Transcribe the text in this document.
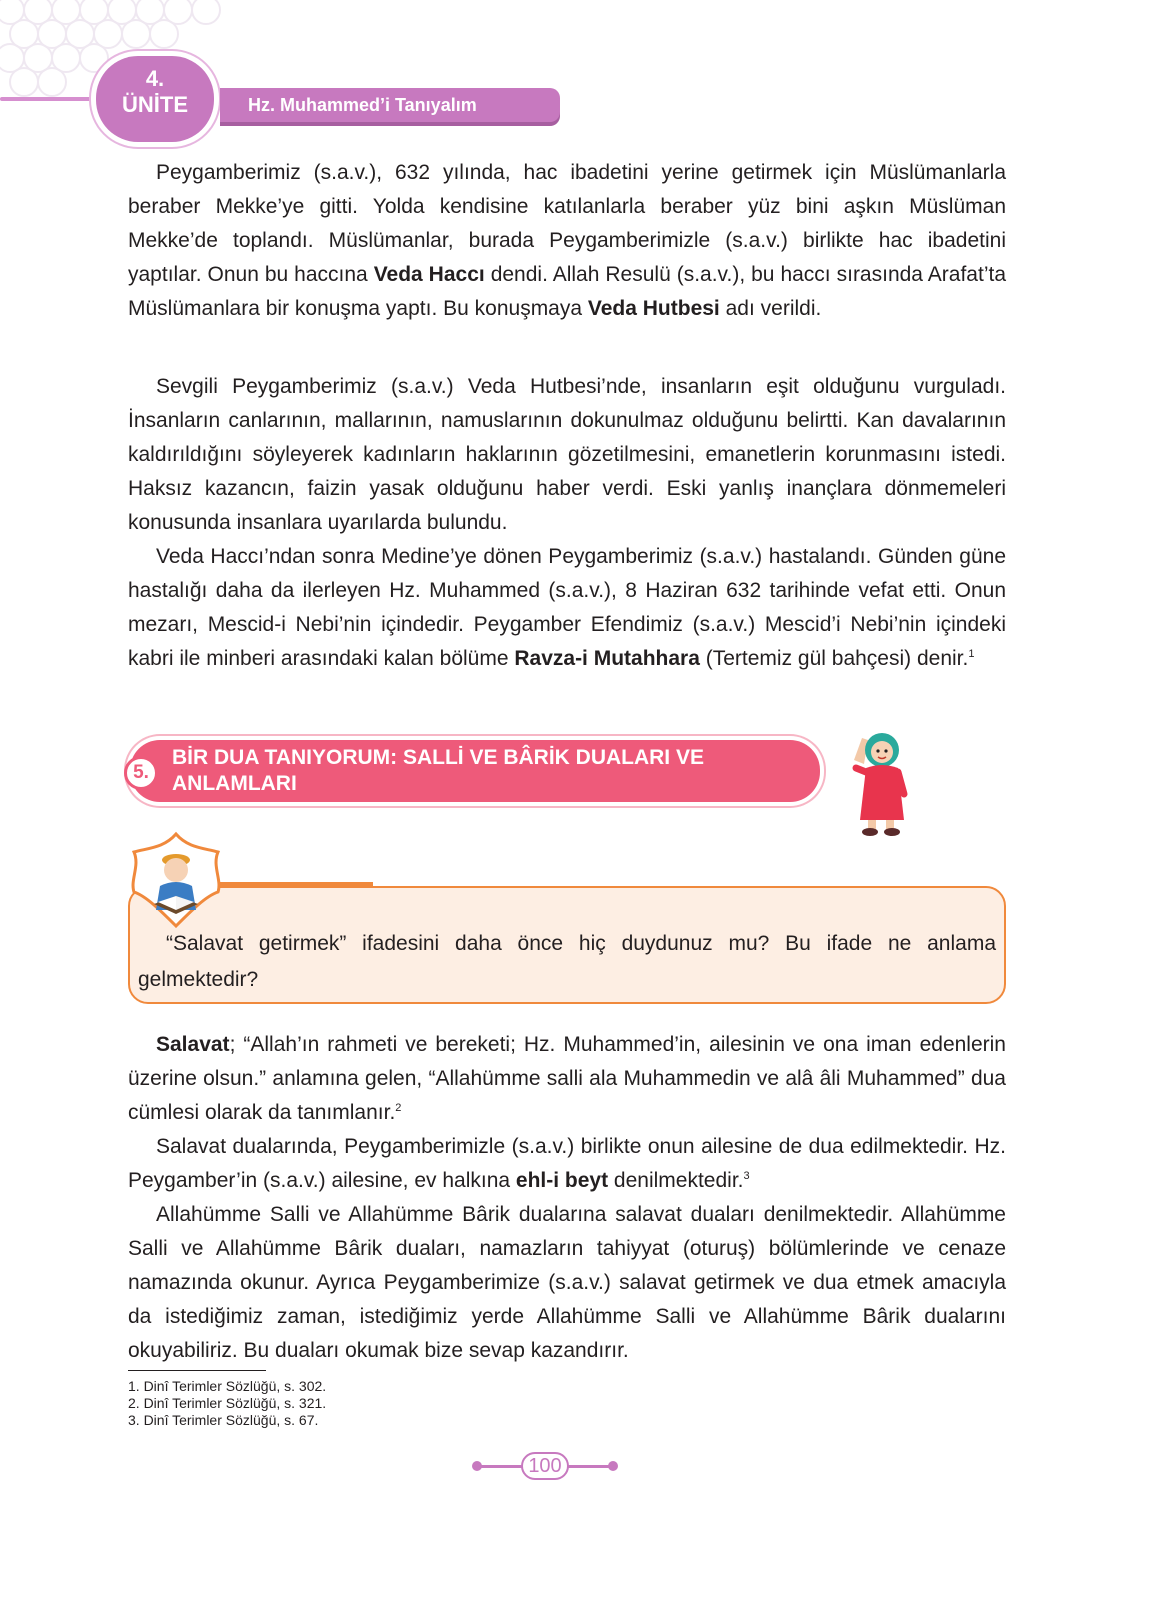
4.
ÜNİTE	Hz. Muhammed’i Tanıyalım

Peygamberimiz (s.a.v.), 632 yılında, hac ibadetini yerine getirmek için Müslümanlarla beraber Mekke’ye gitti. Yolda kendisine katılanlarla beraber yüz bini aşkın Müslüman Mekke’de toplandı. Müslümanlar, burada Peygamberimizle (s.a.v.) birlikte hac ibadetini yaptılar. Onun bu haccına Veda Haccı dendi. Allah Resulü (s.a.v.), bu haccı sırasında Arafat’ta Müslümanlara bir konuşma yaptı. Bu konuşmaya Veda Hutbesi adı verildi.

Sevgili Peygamberimiz (s.a.v.) Veda Hutbesi’nde, insanların eşit olduğunu vurguladı. İnsanların canlarının, mallarının, namuslarının dokunulmaz olduğunu belirtti. Kan davalarının kaldırıldığını söyleyerek kadınların haklarının gözetilmesini, emanetlerin korunmasını istedi. Haksız kazancın, faizin yasak olduğunu haber verdi. Eski yanlış inançlara dönmemeleri konusunda insanlara uyarılarda bulundu.

Veda Haccı’ndan sonra Medine’ye dönen Peygamberimiz (s.a.v.) hastalandı. Günden güne hastalığı daha da ilerleyen Hz. Muhammed (s.a.v.), 8 Haziran 632 tarihinde vefat etti. Onun mezarı, Mescid-i Nebi’nin içindedir. Peygamber Efendimiz (s.a.v.) Mescid’i Nebi’nin içindeki kabri ile minberi arasındaki kalan bölüme Ravza-i Mutahhara (Tertemiz gül bahçesi) denir.$^1$

5.
BİR DUA TANIYORUM: SALLİ VE BÂRİK DUALARI VE ANLAMLARI

“Salavat getirmek” ifadesini daha önce hiç duydunuz mu? Bu ifade ne anlama gelmektedir?

Salavat; “Allah’ın rahmeti ve bereketi; Hz. Muhammed’in, ailesinin ve ona iman edenlerin üzerine olsun.” anlamına gelen, “Allahümme salli ala Muhammedin ve alâ âli Muhammed” dua cümlesi olarak da tanımlanır.$^2$

Salavat dualarında, Peygamberimizle (s.a.v.) birlikte onun ailesine de dua edilmektedir. Hz. Peygamber’in (s.a.v.) ailesine, ev halkına ehl-i beyt denilmektedir.$^3$

Allahümme Salli ve Allahümme Bârik dualarına salavat duaları denilmektedir. Allahümme Salli ve Allahümme Bârik duaları, namazların tahiyyat (oturuş) bölümlerinde ve cenaze namazında okunur. Ayrıca Peygamberimize (s.a.v.) salavat getirmek ve dua etmek amacıyla da istediğimiz zaman, istediğimiz yerde Allahümme Salli ve Allahümme Bârik dualarını okuyabiliriz. Bu duaları okumak bize sevap kazandırır.

1. Dinî Terimler Sözlüğü, s. 302.
2. Dinî Terimler Sözlüğü, s. 321.
3. Dinî Terimler Sözlüğü, s. 67.
100
